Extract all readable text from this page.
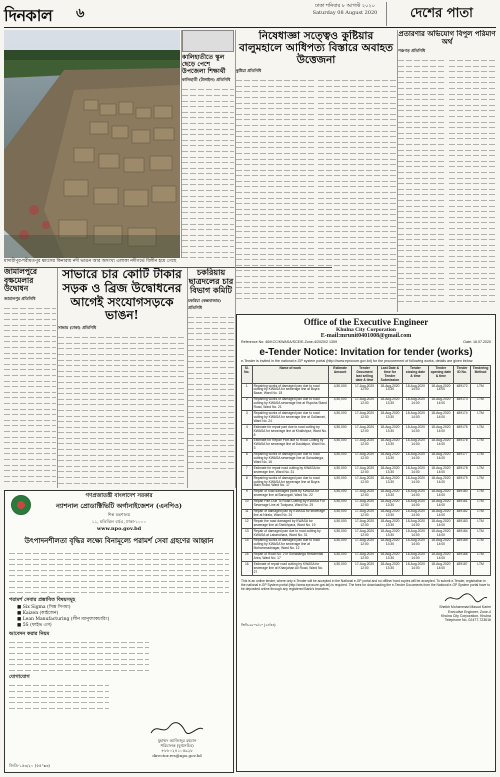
দিনকাল ৬	ঢাকা শনিবার ৮ আগস্ট ২০২০
Saturday 08 August 2020	দেশের পাতা
মাদারীপুর-শরীয়তপুর ধ্বংসের কিনারায় নদী ভাঙন আর অসংখ্য এলাকা নদীগর্ভে বিলীন হয়ে গেছে
কালিহাতীতে স্কুল ছেড়ে পেশে উপজেলা শিক্ষার্থী
কালিহাতী (টাঙ্গাইল) প্রতিনিধি
নিষেধাজ্ঞা সত্ত্বেও কুষ্টিয়ার বালুমহালে আধিপত্য বিস্তারে অবাহত উত্তেজনা
কুষ্টিয়া প্রতিনিধি
প্রতারণার অভিযোগ বিপুল পরিমাণ অর্থ
পঞ্চগড় প্রতিনিধি
জামালপুরে বৃক্ষমেলার উদ্বোধন
জামালপুর প্রতিনিধি
সাভারে চার কোটি টাকার সড়ক ও ব্রিজ উদ্বোধনের আগেই সংযোগসড়কে ভাঙন!
সাভার (ঢাকা) প্রতিনিধি
চকরিয়ায় ছাত্রদলের চার বিভাগ কমিটি
চকরিয়া (কক্সবাজার) প্রতিনিধি
গণপ্রজাতন্ত্রী বাংলাদেশ সরকার
ন্যাশনাল প্রোডাক্টিভিটি অর্গানাইজেশন (এনপিও)
শিল্প মন্ত্রণালয়
১১, মতিঝিল বা/এ, ঢাকা-১০০০
www.npo.gov.bd
উৎপাদনশীলতা বৃদ্ধির লক্ষ্যে বিনামূল্যে পরামর্শ সেবা গ্রহণের আহ্বান
পরামর্শ সেবার প্রস্তাবিত বিষয়সমূহ
■ Six Sigma (সিক্স সিগমা)
■ Kaizen (কাইজেন)
■ Lean Manufacturing (লীন ম্যানুফ্যাকচারিং)
■ 5S (ফাইভ এস)
আবেদন করার নিয়ম
যোগাযোগ
মুহাম্মদ আজিজুর রহমান
পরিচালক (যুগ্মসচিব)
+৮৮০২৪১০৫৯২৮
director.res@npo.gov.bd
জিডি-১৫৩/২০ (৫৫”x৩)
Office of the Executive Engineer
Khulna City Corporation
E-mail:mrunit0401008@gmail.com
Reference No: 46/KCC/KWASA/SCE/E-Zone-4/2020/2 1309	Date: 16.07.2020
e-Tender Notice: Invitation for tender (works)
e-Tender is invited in the national e-GP system portal (http://www.eprocure.gov.bd) for the procurement of following works, details are given below:
Sl. No.	Name of work	Estimate Amount	Tender Document last selling date & time	Last Date & time for Tender Submission	Tender closing date & time	Tender opening date & time	Tender ID No.	Tendering Method
1	Repairing works of damaged pan due to road cutting by KWASA for sewerage line at Boyra Bazar, Ward No. 15	4,50,000	17-Aug-2020 12:00	18-Aug-2020 13:30	18-Aug-2020 14:00	18-Aug-2020 14:00	489172	LTM
2	Repairing works of damaged pan due to road cutting by KWASA sewerage line at Rupsha Stand Road, Ward No. 21	4,50,000	17-Aug-2020 12:00	18-Aug-2020 13:30	18-Aug-2020 14:00	18-Aug-2020 14:00	489173	LTM
3	Repairing works of damaged pan due to road cutting by KWASA for sewerage line at Gollamari, Ward No. 24	4,50,000	17-Aug-2020 12:00	18-Aug-2020 13:30	18-Aug-2020 14:00	18-Aug-2020 14:00	489174	LTM
4	Estimate for repair part due to road cutting by KWASA for sewerage line at Khalishpur, Ward No. 8	4,50,000	17-Aug-2020 12:00	18-Aug-2020 13:30	18-Aug-2020 14:00	18-Aug-2020 14:00	489175	LTM
5	Estimate for Repair Part due to Road Cutting by KWASA for sewerage line at Daulatpur, Ward No. 3	4,50,000	17-Aug-2020 12:00	18-Aug-2020 13:30	18-Aug-2020 14:00	18-Aug-2020 14:00	489176	LTM
6	Repairing works of damaged pan due to road cutting by KWASA sewerage line at Sonadanga, Ward No. 16	4,50,000	17-Aug-2020 12:00	18-Aug-2020 13:30	18-Aug-2020 14:00	18-Aug-2020 14:00	489177	LTM
7	Estimate for repair road cutting by KWASA for sewerage line, Ward No. 31	4,50,000	17-Aug-2020 12:00	18-Aug-2020 13:30	18-Aug-2020 14:00	18-Aug-2020 14:00	489178	LTM
8	Repairing works of damaged pan due to road cutting by KWASA for sewerage line at Boyra Main Road, Ward No. 17	4,50,000	17-Aug-2020 12:00	18-Aug-2020 13:30	18-Aug-2020 14:00	18-Aug-2020 14:00	489179	LTM
9	Repair of road damaged parts by KWASA for sewerage line at Banorgati, Ward No. 22	4,50,000	17-Aug-2020 12:00	18-Aug-2020 13:30	18-Aug-2020 14:00	18-Aug-2020 14:00	489180	LTM
10	Repair Part Due To Road Cutting By KWASA For Sewerage Line at Tootpara, Ward No. 29	4,50,000	17-Aug-2020 12:00	18-Aug-2020 13:30	18-Aug-2020 14:00	18-Aug-2020 14:00	489181	LTM
11	Repair of damaged pan by KWASA for sewerage line at Nirala, Ward No. 24	4,50,000	17-Aug-2020 12:00	18-Aug-2020 13:30	18-Aug-2020 14:00	18-Aug-2020 14:00	489182	LTM
12	Repair the road damaged by KWASA for sewerage line at Sheikhpara, Ward No. 19	4,50,000	17-Aug-2020 12:00	18-Aug-2020 13:30	18-Aug-2020 14:00	18-Aug-2020 14:00	489183	LTM
13	Repair of damaged pan due to road cutting by KWASA at Labanchara, Ward No. 31	4,50,000	17-Aug-2020 12:00	18-Aug-2020 13:30	18-Aug-2020 14:00	18-Aug-2020 14:00	489184	LTM
14	Repairing works of damaged pan due to road cutting by KWASA for sewerage line at Mohammadnagar, Ward No. 12	4,50,000	17-Aug-2020 12:00	18-Aug-2020 13:30	18-Aug-2020 14:00	18-Aug-2020 14:00	489185	LTM
15	Repair of Road No. 2 in Sonadanga Residential Area, Ward No. 17	4,50,000	17-Aug-2020 12:00	18-Aug-2020 13:30	18-Aug-2020 14:00	18-Aug-2020 14:00	489186	LTM
16	Estimate of repair road cutting by KWASA for sewerage line at Khanjahan Ali Road, Ward No. 27	4,50,000	17-Aug-2020 12:00	18-Aug-2020 13:30	18-Aug-2020 14:00	18-Aug-2020 14:00	489187	LTM
This is an online tender, where only e-Tender will be accepted in the National e-GP portal and no offline/ hard copies will be accepted. To submit e-Tender, registration in the national e-GP System portal (http://www.eprocure.gov.bd) is required. The fees for downloading the e-Tender Documents from the National e-GP System portal have to be deposited online through any registered Bank's branches.
Sheikh Mohammad Masud Karim
Executive Engineer, Zone-4
Khulna City Corporation, Khulna
Telephone No. 02477-723616
জিডি-৯৮০৬/২০ (২৩”x৩)
